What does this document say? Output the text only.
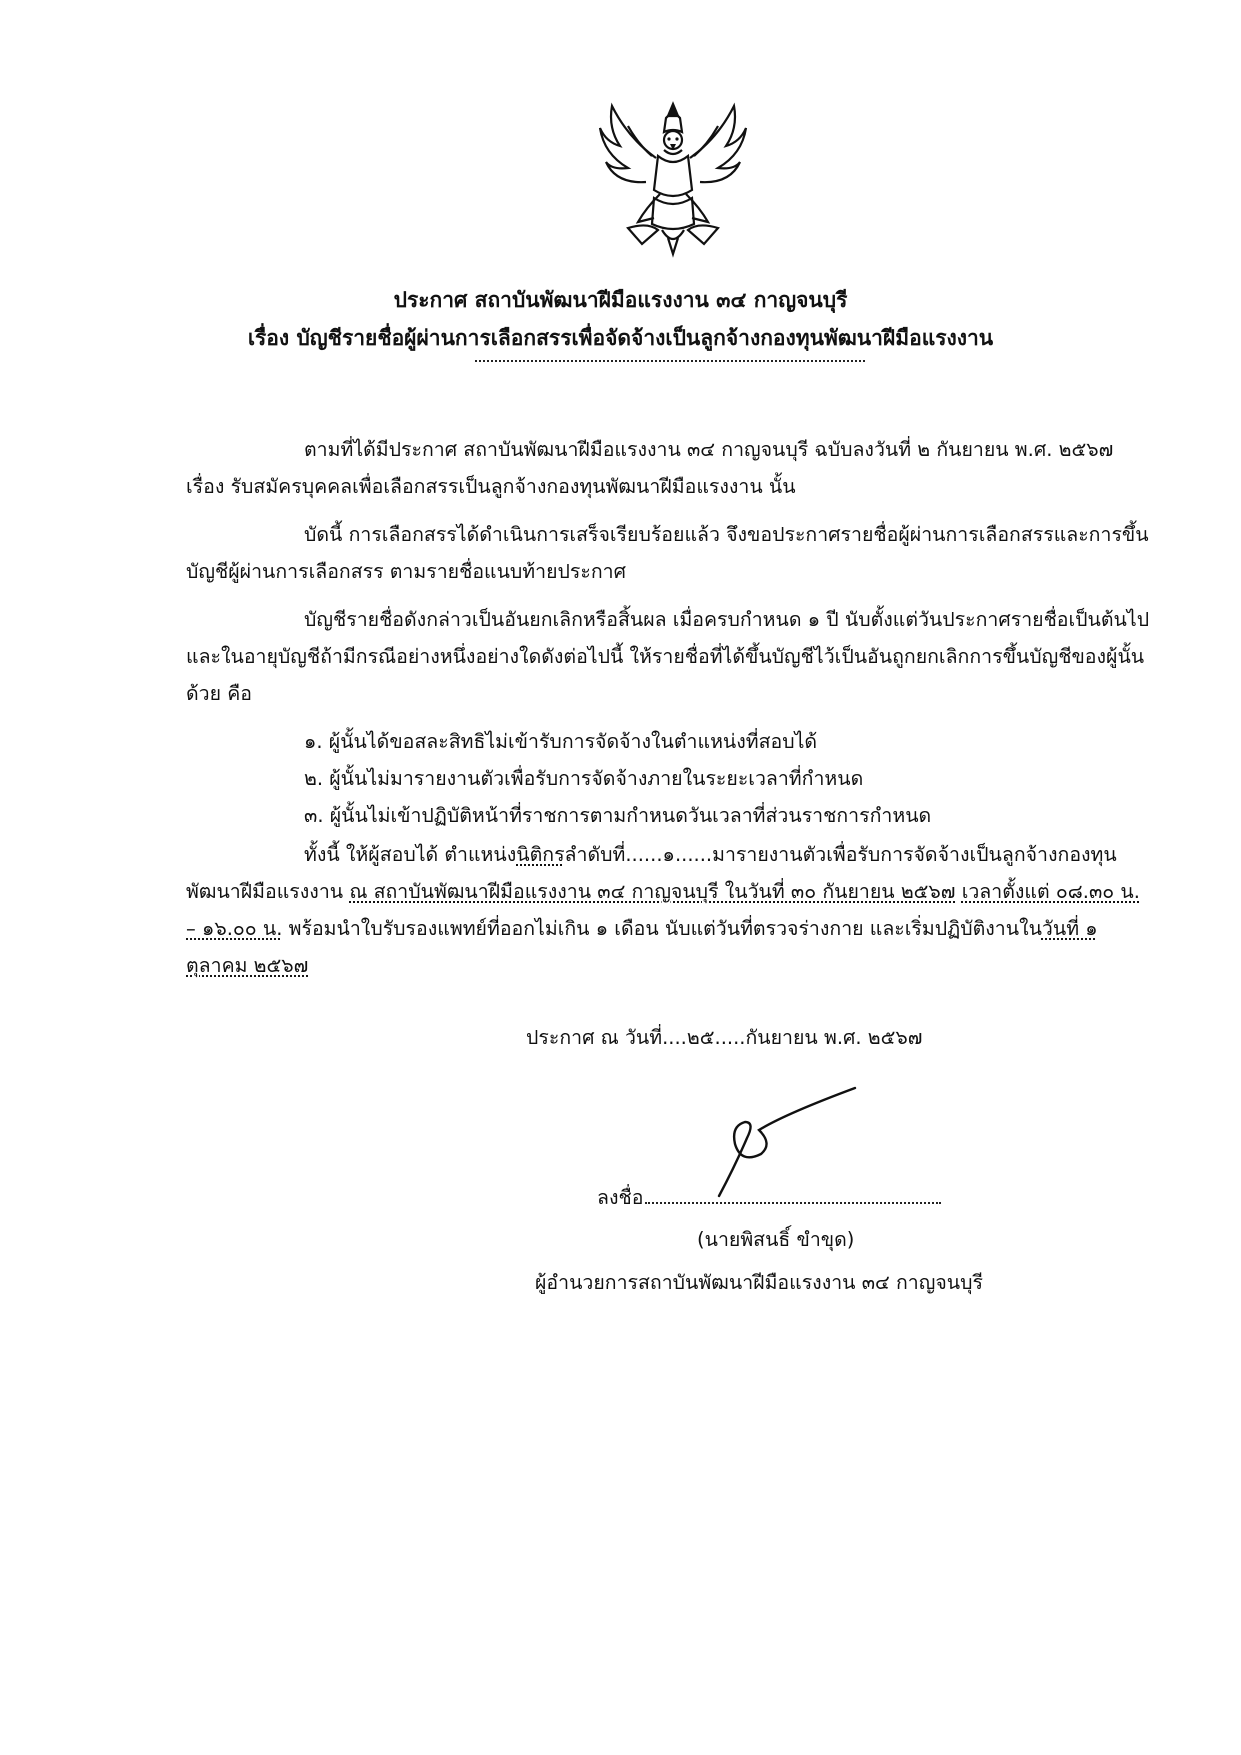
ประกาศ สถาบันพัฒนาฝีมือแรงงาน ๓๔ กาญจนบุรี
เรื่อง บัญชีรายชื่อผู้ผ่านการเลือกสรรเพื่อจัดจ้างเป็นลูกจ้างกองทุนพัฒนาฝีมือแรงงาน

ตามที่ได้มีประกาศ สถาบันพัฒนาฝีมือแรงงาน ๓๔ กาญจนบุรี ฉบับลงวันที่ ๒ กันยายน พ.ศ. ๒๕๖๗ เรื่อง รับสมัครบุคคลเพื่อเลือกสรรเป็นลูกจ้างกองทุนพัฒนาฝีมือแรงงาน นั้น

บัดนี้ การเลือกสรรได้ดำเนินการเสร็จเรียบร้อยแล้ว จึงขอประกาศรายชื่อผู้ผ่านการเลือกสรรและการขึ้นบัญชีผู้ผ่านการเลือกสรร ตามรายชื่อแนบท้ายประกาศ

บัญชีรายชื่อดังกล่าวเป็นอันยกเลิกหรือสิ้นผล เมื่อครบกำหนด ๑ ปี นับตั้งแต่วันประกาศรายชื่อเป็นต้นไป และในอายุบัญชีถ้ามีกรณีอย่างหนึ่งอย่างใดดังต่อไปนี้ ให้รายชื่อที่ได้ขึ้นบัญชีไว้เป็นอันถูกยกเลิกการขึ้นบัญชีของผู้นั้นด้วย คือ

๑. ผู้นั้นได้ขอสละสิทธิไม่เข้ารับการจัดจ้างในตำแหน่งที่สอบได้
๒. ผู้นั้นไม่มารายงานตัวเพื่อรับการจัดจ้างภายในระยะเวลาที่กำหนด
๓. ผู้นั้นไม่เข้าปฏิบัติหน้าที่ราชการตามกำหนดวันเวลาที่ส่วนราชการกำหนด

ทั้งนี้ ให้ผู้สอบได้ ตำแหน่งนิติกรลำดับที่......๑......มารายงานตัวเพื่อรับการจัดจ้างเป็นลูกจ้างกองทุนพัฒนาฝีมือแรงงาน ณ สถาบันพัฒนาฝีมือแรงงาน ๓๔ กาญจนบุรี ในวันที่ ๓๐ กันยายน ๒๕๖๗ เวลาตั้งแต่ ๐๘.๓๐ น. – ๑๖.๐๐ น. พร้อมนำใบรับรองแพทย์ที่ออกไม่เกิน ๑ เดือน นับแต่วันที่ตรวจร่างกาย และเริ่มปฏิบัติงานในวันที่ ๑ ตุลาคม ๒๕๖๗

ประกาศ ณ วันที่....๒๕.....กันยายน พ.ศ. ๒๕๖๗
ลงชื่อ
(นายพิสนธิ์ ขำขุด)
ผู้อำนวยการสถาบันพัฒนาฝีมือแรงงาน ๓๔ กาญจนบุรี
